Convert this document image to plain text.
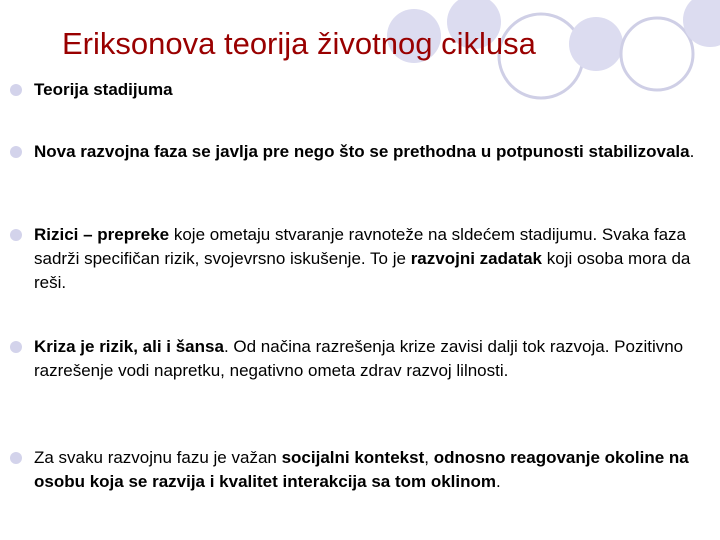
Eriksonova teorija životnog ciklusa
Teorija stadijuma
Nova razvojna faza se javlja pre nego što se prethodna u potpunosti stabilizovala.
Rizici – prepreke koje ometaju stvaranje ravnoteže na sldećem stadijumu. Svaka faza sadrži specifičan rizik, svojevrsno iskušenje. To je razvojni zadatak koji osoba mora da reši.
Kriza je rizik, ali i šansa. Od načina razrešenja krize zavisi dalji tok razvoja. Pozitivno razrešenje vodi napretku, negativno ometa zdrav razvoj lilnosti.
Za svaku razvojnu fazu je važan socijalni kontekst, odnosno reagovanje okoline na osobu koja se razvija i kvalitet interakcija sa tom oklinom.
